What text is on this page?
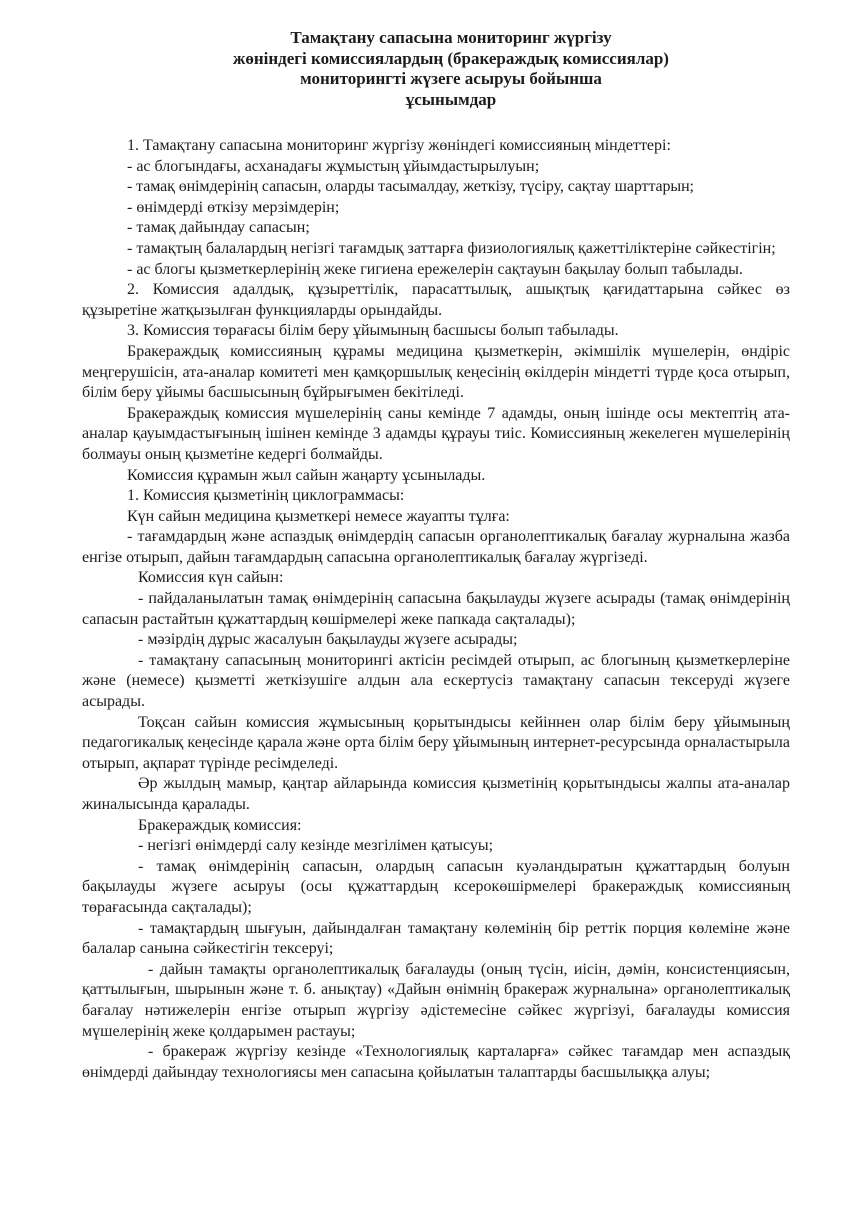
Тамақтану сапасына мониторинг жүргізу
жөніндегі комиссиялардың (бракераждық комиссиялар)
мониторингті жүзеге асыруы бойынша
ұсынымдар

1. Тамақтану сапасына мониторинг жүргізу жөніндегі комиссияның міндеттері:

- ас блогындағы, асханадағы жұмыстың ұйымдастырылуын;

- тамақ өнімдерінің сапасын, оларды тасымалдау, жеткізу, түсіру, сақтау шарттарын;

- өнімдерді өткізу мерзімдерін;

- тамақ дайындау сапасын;

- тамақтың балалардың негізгі тағамдық заттарға физиологиялық қажеттіліктеріне сәйкестігін;

- ас блогы қызметкерлерінің жеке гигиена ережелерін сақтауын бақылау болып табылады.

2. Комиссия адалдық, құзыреттілік, парасаттылық, ашықтық қағидаттарына сәйкес өз құзыретіне жатқызылған функцияларды орындайды.

3. Комиссия төрағасы білім беру ұйымының басшысы болып табылады.

Бракераждық комиссияның құрамы медицина қызметкерін, әкімшілік мүшелерін, өндіріс меңгерушісін, ата-аналар комитеті мен қамқоршылық кеңесінің өкілдерін міндетті түрде қоса отырып, білім беру ұйымы басшысының бұйрығымен бекітіледі.

Бракераждық комиссия мүшелерінің саны кемінде 7 адамды, оның ішінде осы мектептің ата-аналар қауымдастығының ішінен кемінде 3 адамды құрауы тиіс. Комиссияның жекелеген мүшелерінің болмауы оның қызметіне кедергі болмайды.

Комиссия құрамын жыл сайын жаңарту ұсынылады.

1. Комиссия қызметінің циклограммасы:

Күн сайын медицина қызметкері немесе жауапты тұлға:

- тағамдардың және аспаздық өнімдердің сапасын органолептикалық бағалау журналына жазба енгізе отырып, дайын тағамдардың сапасына органолептикалық бағалау жүргізеді.

Комиссия күн сайын:

- пайдаланылатын тамақ өнімдерінің сапасына бақылауды жүзеге асырады (тамақ өнімдерінің сапасын растайтын құжаттардың көшірмелері жеке папкада сақталады);

- мәзірдің дұрыс жасалуын бақылауды жүзеге асырады;

- тамақтану сапасының мониторингі актісін ресімдей отырып, ас блогының қызметкерлеріне және (немесе) қызметті жеткізушіге алдын ала ескертусіз тамақтану сапасын тексеруді жүзеге асырады.

Тоқсан сайын комиссия жұмысының қорытындысы кейіннен олар білім беру ұйымының педагогикалық кеңесінде қарала және орта білім беру ұйымының интернет-ресурсында орналастырыла отырып, ақпарат түрінде ресімделеді.

Әр жылдың мамыр, қаңтар айларында комиссия қызметінің қорытындысы жалпы ата-аналар жиналысында қаралады.

Бракераждық комиссия:

- негізгі өнімдерді салу кезінде мезгілімен қатысуы;

- тамақ өнімдерінің сапасын, олардың сапасын куәландыратын құжаттардың болуын бақылауды жүзеге асыруы (осы құжаттардың ксерокөшірмелері бракераждық комиссияның төрағасында сақталады);

- тамақтардың шығуын, дайындалған тамақтану көлемінің бір реттік порция көлеміне және балалар санына сәйкестігін тексеруі;

- дайын тамақты органолептикалық бағалауды (оның түсін, иісін, дәмін, консистенциясын, қаттылығын, шырынын және т. б. анықтау) «Дайын өнімнің бракераж журналына» органолептикалық бағалау нәтижелерін енгізе отырып жүргізу әдістемесіне сәйкес жүргізуі, бағалауды комиссия мүшелерінің жеке қолдарымен растауы;

- бракераж жүргізу кезінде «Технологиялық карталарға» сәйкес тағамдар мен аспаздық өнімдерді дайындау технологиясы мен сапасына қойылатын талаптарды басшылыққа алуы;
